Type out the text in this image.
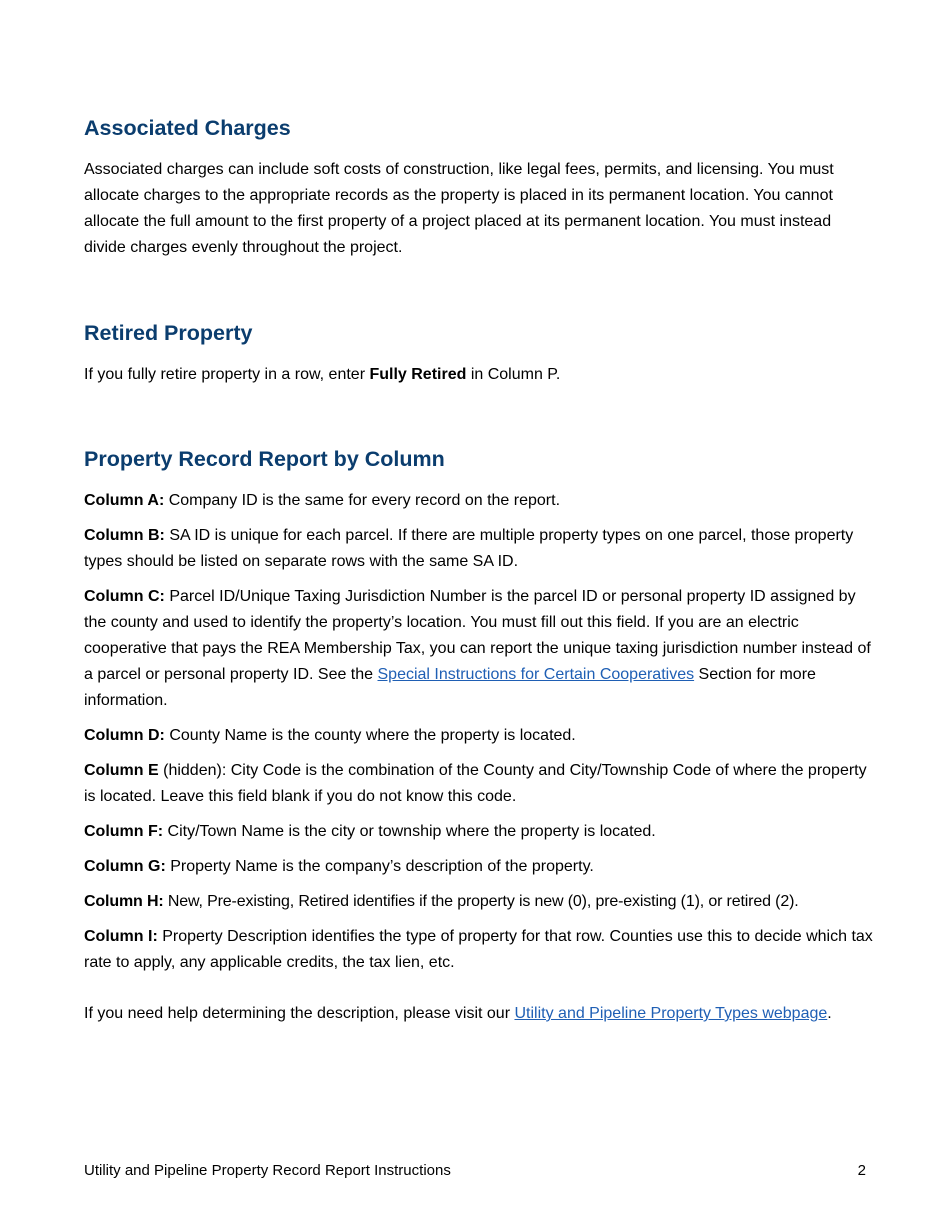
Associated Charges

Associated charges can include soft costs of construction, like legal fees, permits, and licensing. You must allocate charges to the appropriate records as the property is placed in its permanent location. You cannot allocate the full amount to the first property of a project placed at its permanent location. You must instead divide charges evenly throughout the project.

Retired Property

If you fully retire property in a row, enter Fully Retired in Column P.

Property Record Report by Column

Column A: Company ID is the same for every record on the report.

Column B: SA ID is unique for each parcel. If there are multiple property types on one parcel, those property types should be listed on separate rows with the same SA ID.

Column C: Parcel ID/Unique Taxing Jurisdiction Number is the parcel ID or personal property ID assigned by the county and used to identify the property’s location. You must fill out this field. If you are an electric cooperative that pays the REA Membership Tax, you can report the unique taxing jurisdiction number instead of a parcel or personal property ID. See the Special Instructions for Certain Cooperatives Section for more information.

Column D: County Name is the county where the property is located.

Column E (hidden): City Code is the combination of the County and City/Township Code of where the property is located. Leave this field blank if you do not know this code.

Column F: City/Town Name is the city or township where the property is located.

Column G: Property Name is the company’s description of the property.

Column H: New, Pre-existing, Retired identifies if the property is new (0), pre-existing (1), or retired (2).

Column I: Property Description identifies the type of property for that row. Counties use this to decide which tax rate to apply, any applicable credits, the tax lien, etc.

If you need help determining the description, please visit our Utility and Pipeline Property Types webpage.

Utility and Pipeline Property Record Report Instructions	2
